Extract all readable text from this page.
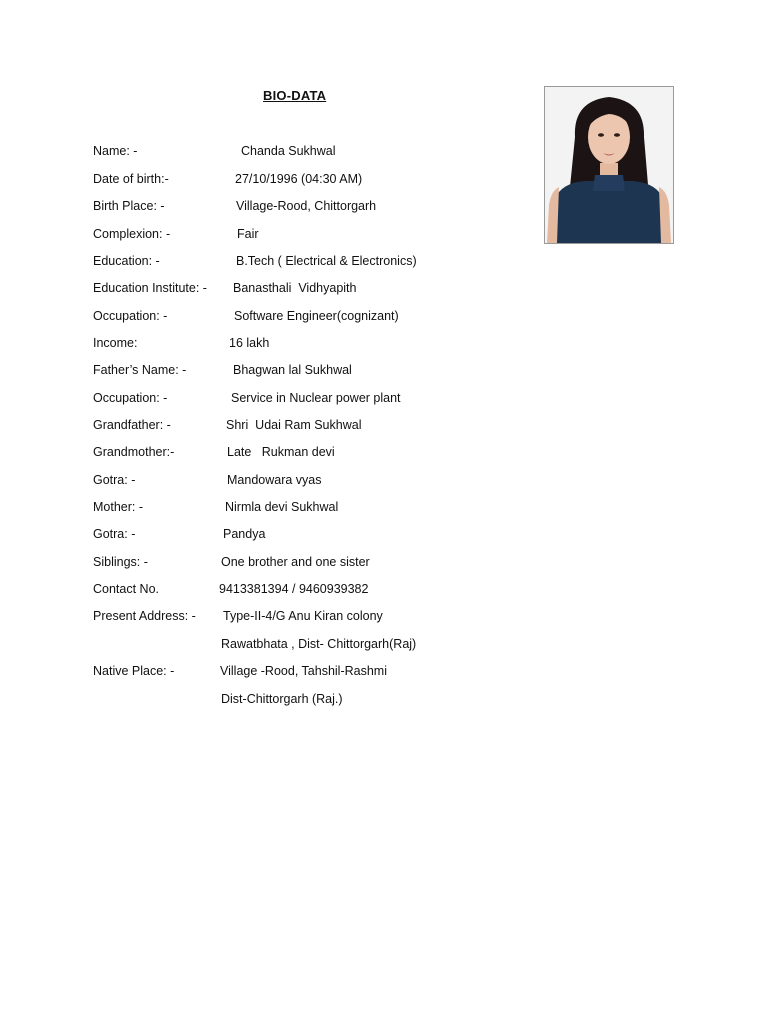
BIO-DATA
Name: -	Chanda Sukhwal
Date of birth:-	27/10/1996 (04:30 AM)
Birth Place: -	Village-Rood, Chittorgarh
Complexion: -	Fair
Education: -	B.Tech ( Electrical & Electronics)
Education Institute: - Banasthali  Vidhyapith
Occupation: -	Software Engineer(cognizant)
Income:	16 lakh
Father’s Name: -	Bhagwan lal Sukhwal
Occupation: -	Service in Nuclear power plant
Grandfather: -	Shri  Udai Ram Sukhwal
Grandmother:-	Late   Rukman devi
Gotra: -	Mandowara vyas
Mother: -	Nirmla devi Sukhwal
Gotra: -	Pandya
Siblings: -	One brother and one sister
Contact No.	9413381394 / 9460939382
Present Address: - Type-II-4/G Anu Kiran colony
Rawatbhata , Dist- Chittorgarh(Raj)
Native Place: -	Village -Rood, Tahshil-Rashmi
Dist-Chittorgarh (Raj.)
